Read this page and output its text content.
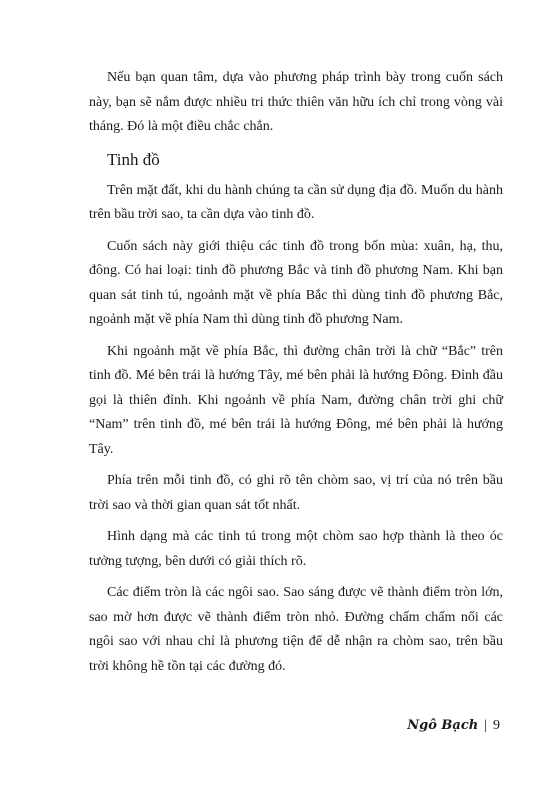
Nếu bạn quan tâm, dựa vào phương pháp trình bày trong cuốn sách này, bạn sẽ nắm được nhiều tri thức thiên văn hữu ích chỉ trong vòng vài tháng. Đó là một điều chắc chắn.

Tinh đồ

Trên mặt đất, khi du hành chúng ta cần sử dụng địa đồ. Muốn du hành trên bầu trời sao, ta cần dựa vào tinh đồ.

Cuốn sách này giới thiệu các tinh đồ trong bốn mùa: xuân, hạ, thu, đông. Có hai loại: tinh đồ phương Bắc và tinh đồ phương Nam. Khi bạn quan sát tinh tú, ngoảnh mặt về phía Bắc thì dùng tinh đồ phương Bắc, ngoảnh mặt về phía Nam thì dùng tinh đồ phương Nam.

Khi ngoảnh mặt về phía Bắc, thì đường chân trời là chữ “Bắc” trên tinh đồ. Mé bên trái là hướng Tây, mé bên phải là hướng Đông. Đỉnh đầu gọi là thiên đỉnh. Khi ngoảnh về phía Nam, đường chân trời ghi chữ “Nam” trên tinh đồ, mé bên trái là hướng Đông, mé bên phải là hướng Tây.

Phía trên mỗi tinh đồ, có ghi rõ tên chòm sao, vị trí của nó trên bầu trời sao và thời gian quan sát tốt nhất.

Hình dạng mà các tinh tú trong một chòm sao hợp thành là theo óc tưởng tượng, bên dưới có giải thích rõ.

Các điểm tròn là các ngôi sao. Sao sáng được vẽ thành điểm tròn lớn, sao mờ hơn được vẽ thành điểm tròn nhỏ. Đường chấm chấm nối các ngôi sao với nhau chỉ là phương tiện để dễ nhận ra chòm sao, trên bầu trời không hề tồn tại các đường đó.

Ngô Bạch | 9
